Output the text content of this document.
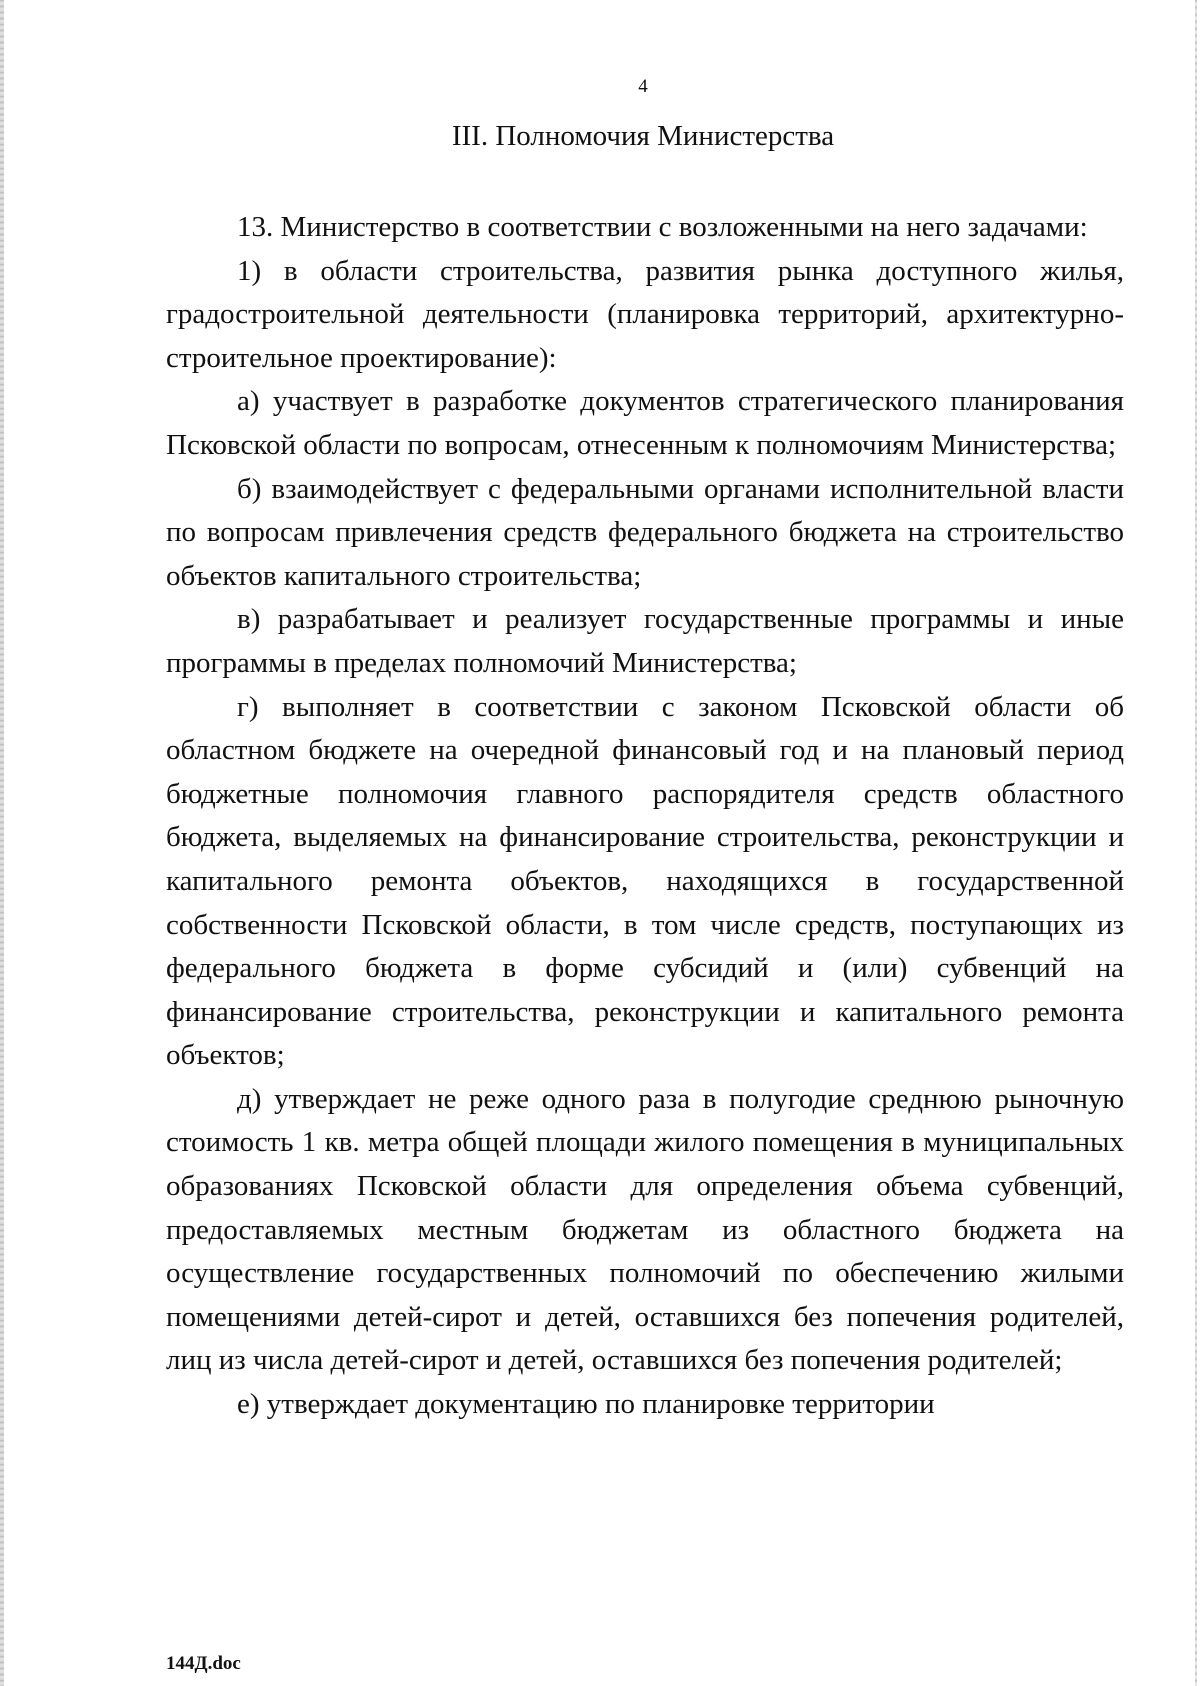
4

III. Полномочия Министерства

13. Министерство в соответствии с возложенными на него задачами:

1) в области строительства, развития рынка доступного жилья, градостроительной деятельности (планировка территорий, архитектурно-строительное проектирование):

а) участвует в разработке документов стратегического планирования Псковской области по вопросам, отнесенным к полномочиям Министерства;

б) взаимодействует с федеральными органами исполнительной власти по вопросам привлечения средств федерального бюджета на строительство объектов капитального строительства;

в) разрабатывает и реализует государственные программы и иные программы в пределах полномочий Министерства;

г) выполняет в соответствии с законом Псковской области об областном бюджете на очередной финансовый год и на плановый период бюджетные полномочия главного распорядителя средств областного бюджета, выделяемых на финансирование строительства, реконструкции и капитального ремонта объектов, находящихся в государственной собственности Псковской области, в том числе средств, поступающих из федерального бюджета в форме субсидий и (или) субвенций на финансирование строительства, реконструкции и капитального ремонта объектов;

д) утверждает не реже одного раза в полугодие среднюю рыночную стоимость 1 кв. метра общей площади жилого помещения в муниципальных образованиях Псковской области для определения объема субвенций, предоставляемых местным бюджетам из областного бюджета на осуществление государственных полномочий по обеспечению жилыми помещениями детей-сирот и детей, оставшихся без попечения родителей, лиц из числа детей-сирот и детей, оставшихся без попечения родителей;

е) утверждает документацию по планировке территории

144Д.doc
